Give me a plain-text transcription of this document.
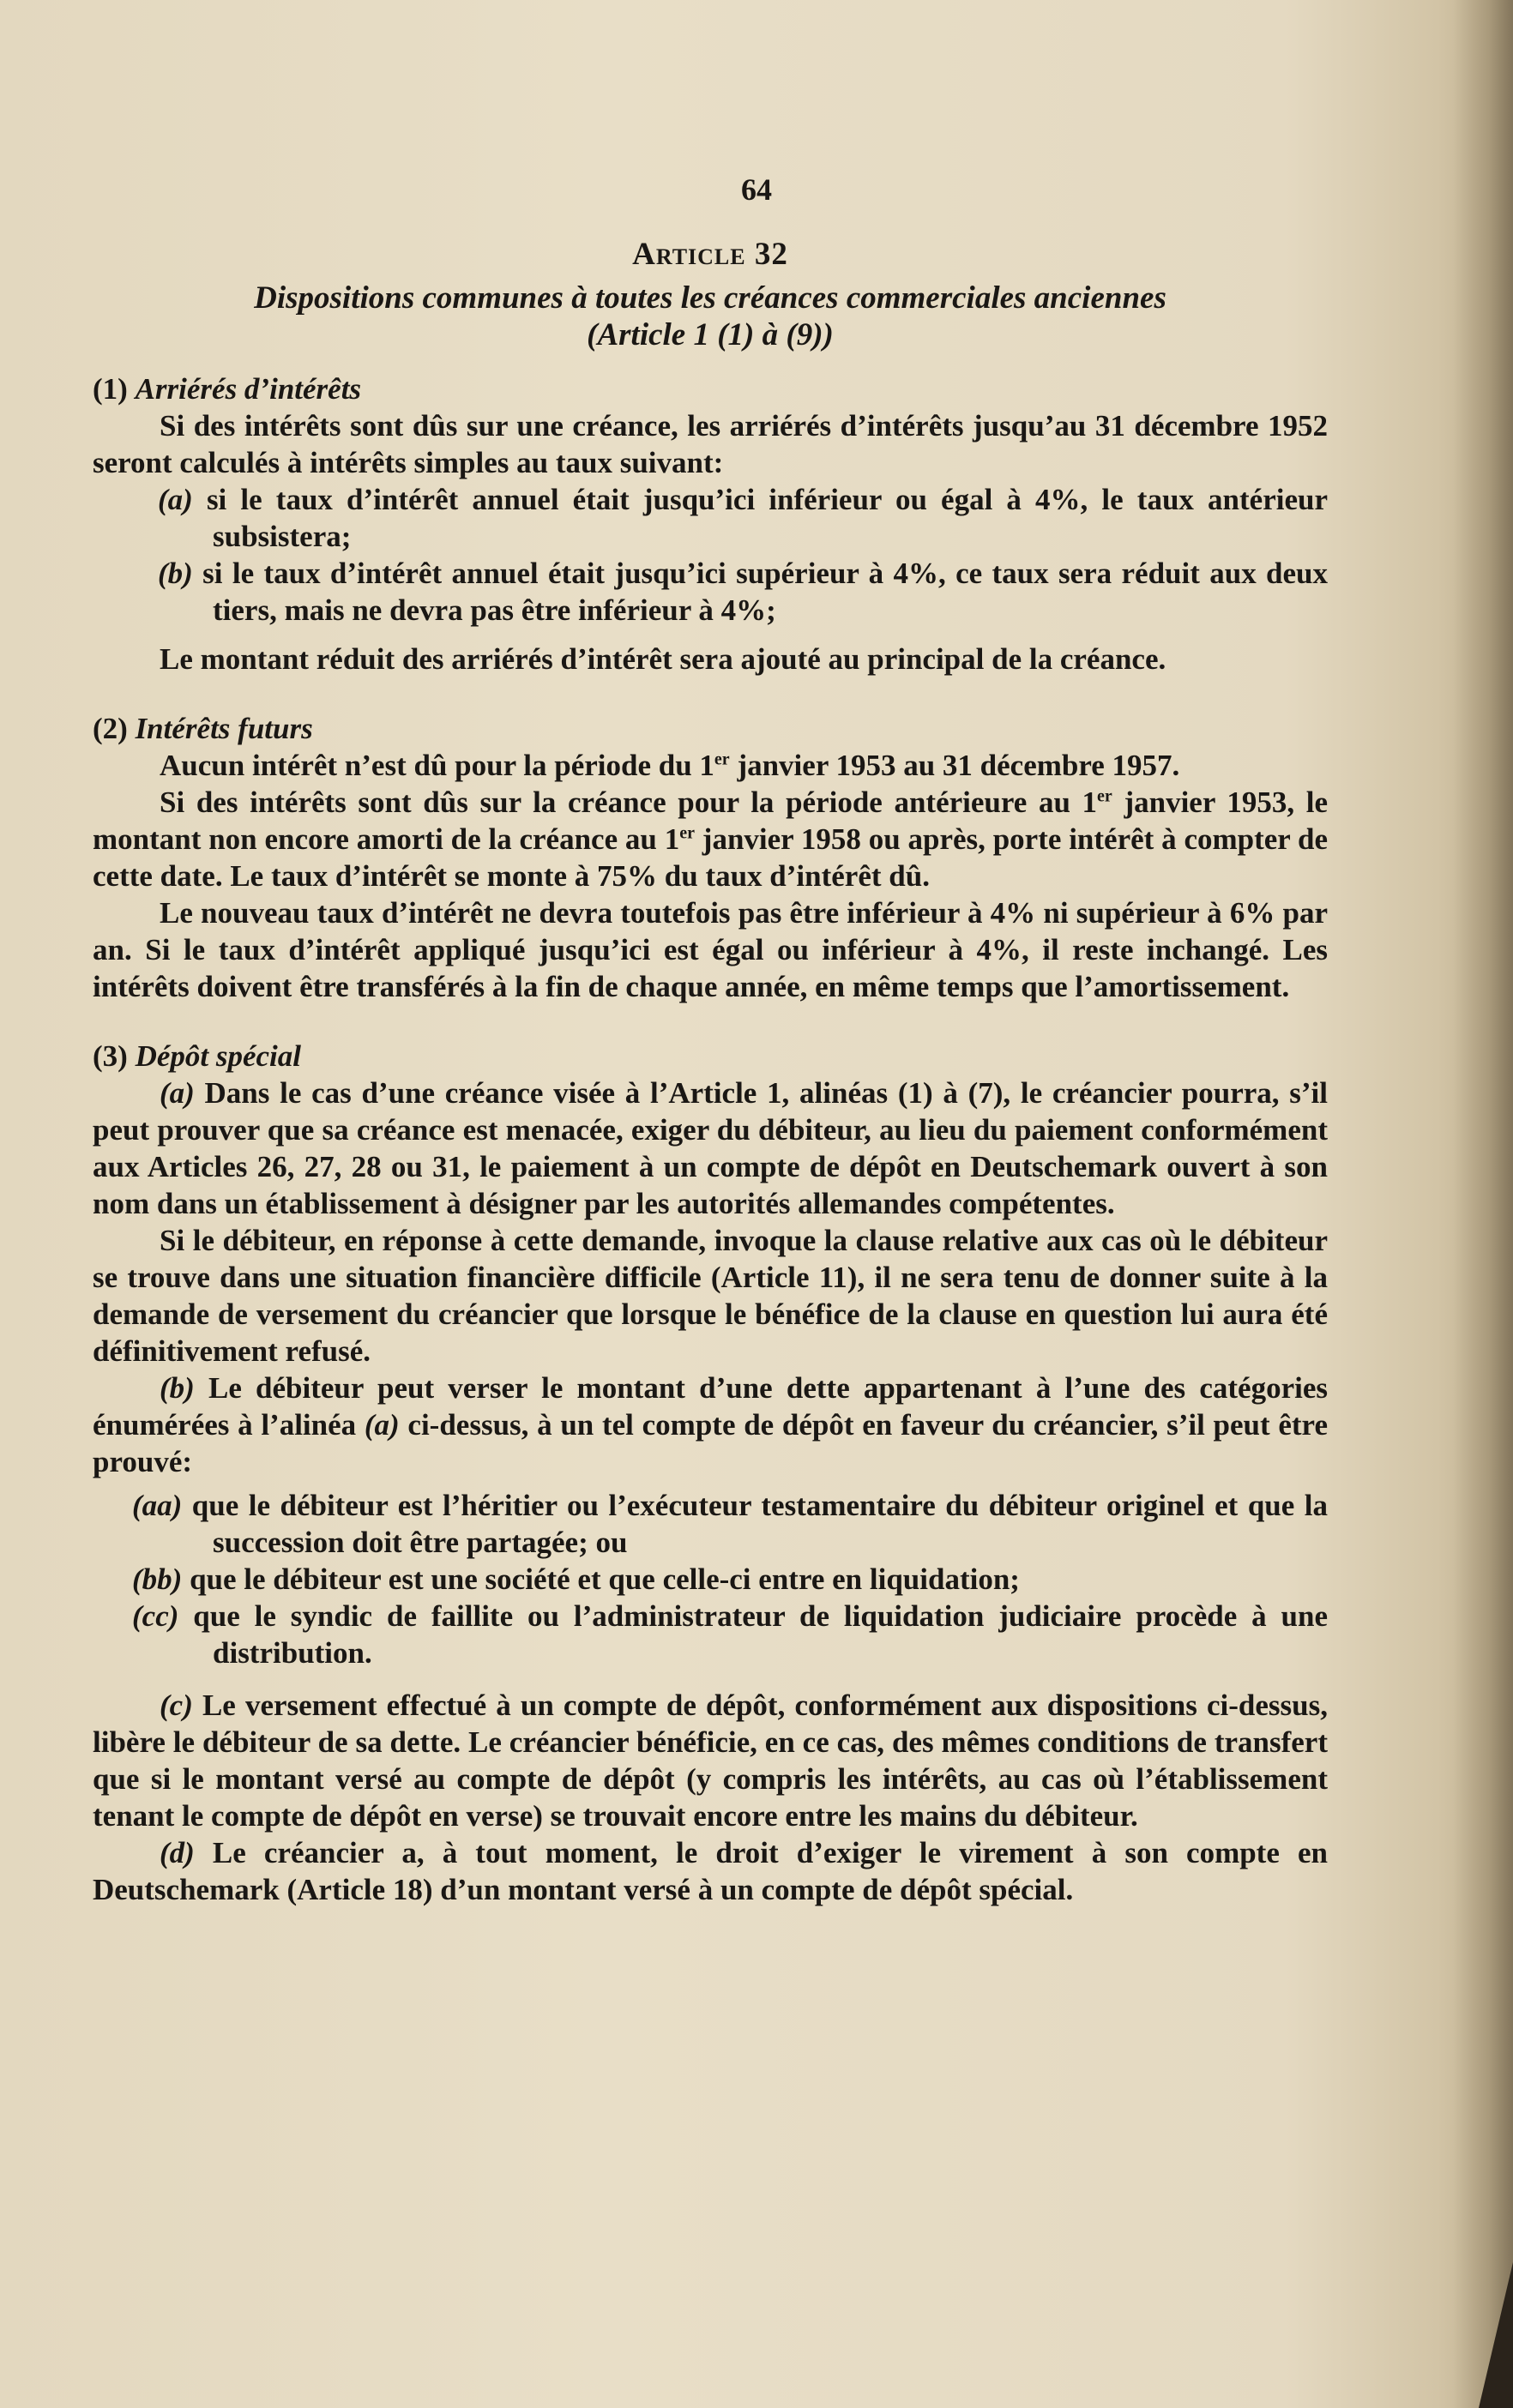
64
Article 32
Dispositions communes à toutes les créances commerciales anciennes
(Article 1 (1) à (9))
(1) Arriérés d’intérêts

Si des intérêts sont dûs sur une créance, les arriérés d’intérêts jusqu’au 31 décembre 1952 seront calculés à intérêts simples au taux suivant:

(a) si le taux d’intérêt annuel était jusqu’ici inférieur ou égal à 4%, le taux antérieur subsistera;
(b) si le taux d’intérêt annuel était jusqu’ici supérieur à 4%, ce taux sera réduit aux deux tiers, mais ne devra pas être inférieur à 4%;

Le montant réduit des arriérés d’intérêt sera ajouté au principal de la créance.

(2) Intérêts futurs

Aucun intérêt n’est dû pour la période du 1er janvier 1953 au 31 décembre 1957.

Si des intérêts sont dûs sur la créance pour la période antérieure au 1er janvier 1953, le montant non encore amorti de la créance au 1er janvier 1958 ou après, porte intérêt à compter de cette date. Le taux d’intérêt se monte à 75% du taux d’intérêt dû.

Le nouveau taux d’intérêt ne devra toutefois pas être inférieur à 4% ni supérieur à 6% par an. Si le taux d’intérêt appliqué jusqu’ici est égal ou inférieur à 4%, il reste inchangé. Les intérêts doivent être transférés à la fin de chaque année, en même temps que l’amortissement.

(3) Dépôt spécial

(a) Dans le cas d’une créance visée à l’Article 1, alinéas (1) à (7), le créancier pourra, s’il peut prouver que sa créance est menacée, exiger du débiteur, au lieu du paiement conformément aux Articles 26, 27, 28 ou 31, le paiement à un compte de dépôt en Deutschemark ouvert à son nom dans un établissement à désigner par les autorités allemandes compétentes.

Si le débiteur, en réponse à cette demande, invoque la clause relative aux cas où le débiteur se trouve dans une situation financière difficile (Article 11), il ne sera tenu de donner suite à la demande de versement du créancier que lorsque le bénéfice de la clause en question lui aura été définitivement refusé.

(b) Le débiteur peut verser le montant d’une dette appartenant à l’une des catégories énumérées à l’alinéa (a) ci-dessus, à un tel compte de dépôt en faveur du créancier, s’il peut être prouvé:

(aa) que le débiteur est l’héritier ou l’exécuteur testamentaire du débiteur originel et que la succession doit être partagée; ou
(bb) que le débiteur est une société et que celle-ci entre en liquidation;
(cc) que le syndic de faillite ou l’administrateur de liquidation judiciaire procède à une distribution.

(c) Le versement effectué à un compte de dépôt, conformément aux dispositions ci-dessus, libère le débiteur de sa dette. Le créancier bénéficie, en ce cas, des mêmes conditions de transfert que si le montant versé au compte de dépôt (y compris les intérêts, au cas où l’établissement tenant le compte de dépôt en verse) se trouvait encore entre les mains du débiteur.

(d) Le créancier a, à tout moment, le droit d’exiger le virement à son compte en Deutschemark (Article 18) d’un montant versé à un compte de dépôt spécial.
